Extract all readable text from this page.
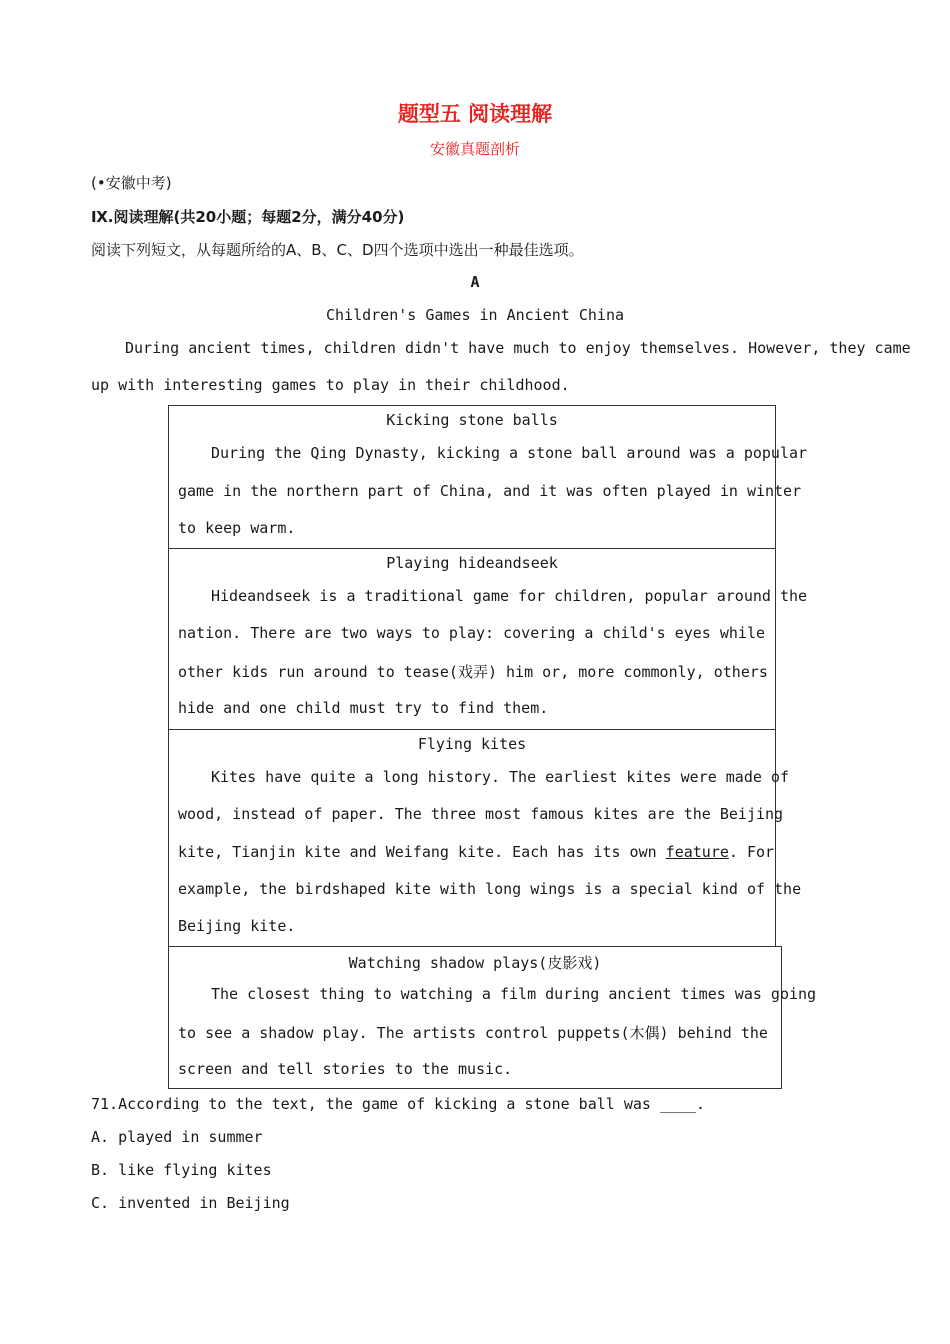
题型五 阅读理解
安徽真题剖析
(•安徽中考)
Ⅸ.阅读理解(共20小题；每题2分，满分40分)
阅读下列短文，从每题所给的A、B、C、D四个选项中选出一种最佳选项。
A
Children's Games in Ancient China
During ancient times, children didn't have much to enjoy themselves. However, they came
up with interesting games to play in their childhood.
Kicking stone balls
During the Qing Dynasty, kicking a stone ball around was a popular
game in the northern part of China, and it was often played in winter
to keep warm.
Playing hideandseek
Hideandseek is a traditional game for children, popular around the
nation. There are two ways to play: covering a child's eyes while
other kids run around to tease(戏弄) him or, more commonly, others
hide and one child must try to find them.
Flying kites
Kites have quite a long history. The earliest kites were made of
wood, instead of paper. The three most famous kites are the Beijing
kite, Tianjin kite and Weifang kite. Each has its own feature. For
example, the birdshaped kite with long wings is a special kind of the
Beijing kite.
Watching shadow plays(皮影戏)
The closest thing to watching a film during ancient times was going
to see a shadow play. The artists control puppets(木偶) behind the
screen and tell stories to the music.
71.According to the text, the game of kicking a stone ball was ____.
A. played in summer
B. like flying kites
C. invented in Beijing
